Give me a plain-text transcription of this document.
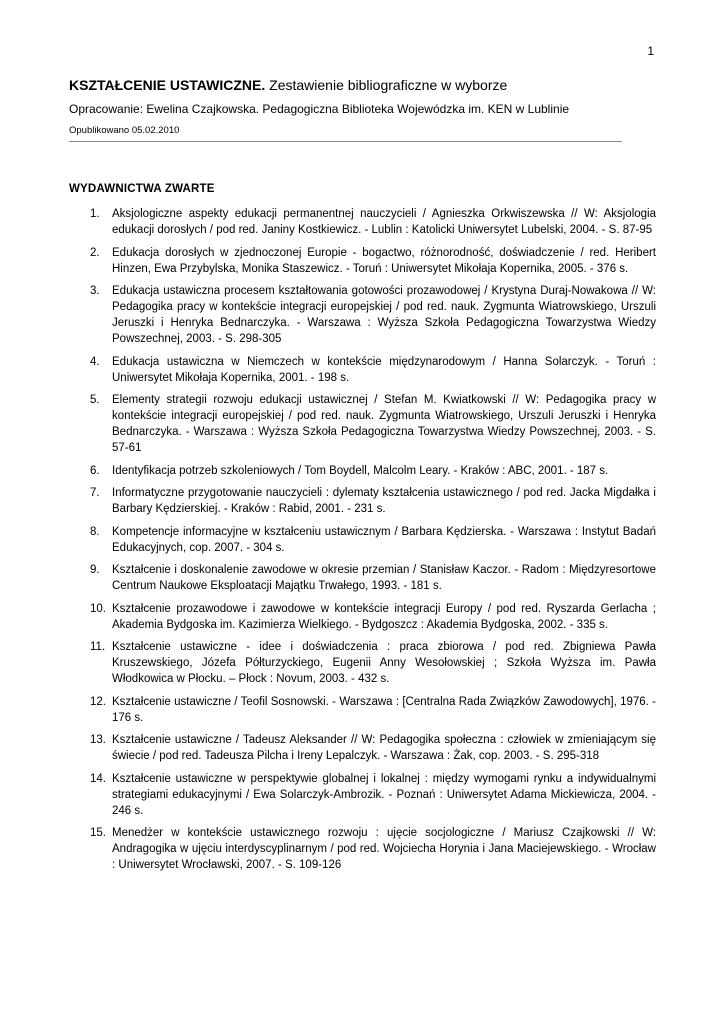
1
KSZTAŁCENIE USTAWICZNE. Zestawienie bibliograficzne w wyborze
Opracowanie: Ewelina Czajkowska. Pedagogiczna Biblioteka Wojewódzka im. KEN w Lublinie
Opublikowano 05.02.2010
WYDAWNICTWA ZWARTE
1.	Aksjologiczne aspekty edukacji permanentnej nauczycieli / Agnieszka Orkwiszewska // W: Aksjologia edukacji dorosłych / pod red. Janiny Kostkiewicz. - Lublin : Katolicki Uniwersytet Lubelski, 2004. - S. 87-95
2.	Edukacja dorosłych w zjednoczonej Europie - bogactwo, różnorodność, doświadczenie / red. Heribert Hinzen, Ewa Przybylska, Monika Staszewicz. - Toruń : Uniwersytet Mikołaja Kopernika, 2005. - 376 s.
3.	Edukacja ustawiczna procesem kształtowania gotowości prozawodowej / Krystyna Duraj-Nowakowa // W: Pedagogika pracy w kontekście integracji europejskiej / pod red. nauk. Zygmunta Wiatrowskiego, Urszuli Jeruszki i Henryka Bednarczyka. - Warszawa : Wyższa Szkoła Pedagogiczna Towarzystwa Wiedzy Powszechnej, 2003. - S. 298-305
4.	Edukacja ustawiczna w Niemczech w kontekście międzynarodowym / Hanna Solarczyk. - Toruń : Uniwersytet Mikołaja Kopernika, 2001. - 198 s.
5.	Elementy strategii rozwoju edukacji ustawicznej / Stefan M. Kwiatkowski // W: Pedagogika pracy w kontekście integracji europejskiej / pod red. nauk. Zygmunta Wiatrowskiego, Urszuli Jeruszki i Henryka Bednarczyka. - Warszawa : Wyższa Szkoła Pedagogiczna Towarzystwa Wiedzy Powszechnej, 2003. - S. 57-61
6.	Identyfikacja potrzeb szkoleniowych / Tom Boydell, Malcolm Leary. - Kraków : ABC, 2001. - 187 s.
7.	Informatyczne przygotowanie nauczycieli : dylematy kształcenia ustawicznego / pod red. Jacka Migdałka i Barbary Kędzierskiej. - Kraków : Rabid, 2001. - 231 s.
8.	Kompetencje informacyjne w kształceniu ustawicznym / Barbara Kędzierska. - Warszawa : Instytut Badań Edukacyjnych, cop. 2007. - 304 s.
9.	Kształcenie i doskonalenie zawodowe w okresie przemian / Stanisław Kaczor. - Radom : Międzyresortowe Centrum Naukowe Eksploatacji Majątku Trwałego, 1993. - 181 s.
10. Kształcenie prozawodowe i zawodowe w kontekście integracji Europy / pod red. Ryszarda Gerlacha ; Akademia Bydgoska im. Kazimierza Wielkiego. - Bydgoszcz : Akademia Bydgoska, 2002. - 335 s.
11. Kształcenie ustawiczne - idee i doświadczenia : praca zbiorowa / pod red. Zbigniewa Pawła Kruszewskiego, Józefa Półturzyckiego, Eugenii Anny Wesołowskiej ; Szkoła Wyższa im. Pawła Włodkowica w Płocku. – Płock : Novum, 2003. - 432 s.
12. Kształcenie ustawiczne / Teofil Sosnowski. - Warszawa : [Centralna Rada Związków Zawodowych], 1976. - 176 s.
13. Kształcenie ustawiczne / Tadeusz Aleksander // W: Pedagogika społeczna : człowiek w zmieniającym się świecie / pod red. Tadeusza Pilcha i Ireny Lepalczyk. - Warszawa : Żak, cop. 2003. - S. 295-318
14. Kształcenie ustawiczne w perspektywie globalnej i lokalnej : między wymogami rynku a indywidualnymi strategiami edukacyjnymi / Ewa Solarczyk-Ambrozik. - Poznań : Uniwersytet Adama Mickiewicza, 2004. - 246 s.
15. Menedżer w kontekście ustawicznego rozwoju : ujęcie socjologiczne / Mariusz Czajkowski // W: Andragogika w ujęciu interdyscyplinarnym / pod red. Wojciecha Horynia i Jana Maciejewskiego. - Wrocław : Uniwersytet Wrocławski, 2007. - S. 109-126
